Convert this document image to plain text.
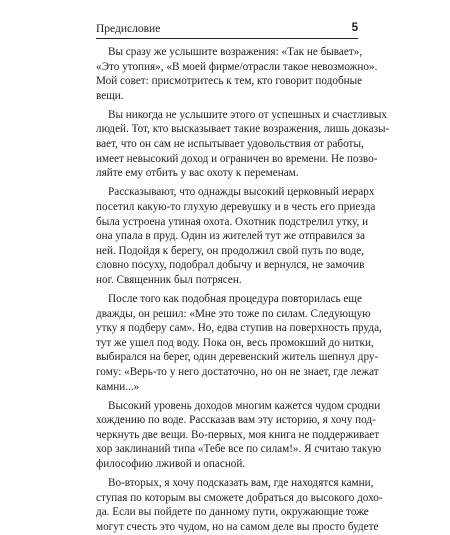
Предисловие	5
Вы сразу же услышите возражения: «Так не бывает»,
«Это утопия», «В моей фирме/отрасли такое невозможно».
Мой совет: присмотритесь к тем, кто говорит подобные
вещи.
Вы никогда не услышите этого от успешных и счастливых
людей. Тот, кто высказывает такие возражения, лишь доказы-
вает, что он сам не испытывает удовольствия от работы,
имеет невысокий доход и ограничен во времени. Не позво-
ляйте ему отбить у вас охоту к переменам.
Рассказывают, что однажды высокий церковный иерарх
посетил какую-то глухую деревушку и в честь его приезда
была устроена утиная охота. Охотник подстрелил утку, и
она упала в пруд. Один из жителей тут же отправился за
ней. Подойдя к берегу, он продолжил свой путь по воде,
словно посуху, подобрал добычу и вернулся, не замочив
ног. Священник был потрясен.
После того как подобная процедура повторилась еще
дважды, он решил: «Мне это тоже по силам. Следующую
утку я подберу сам». Но, едва ступив на поверхность пруда,
тут же ушел под воду. Пока он, весь промокший до нитки,
выбирался на берег, один деревенский житель шепнул дру-
гому: «Верь-то у него достаточно, но он не знает, где лежат
камни...»
Высокий уровень доходов многим кажется чудом сродни
хождению по воде. Рассказав вам эту историю, я хочу под-
черкнуть две вещи. Во-первых, моя книга не поддерживает
хор заклинаний типа «Тебе все по силам!». Я считаю такую
философию лживой и опасной.
Во-вторых, я хочу подсказать вам, где находятся камни,
ступая по которым вы сможете добраться до высокого дохо-
да. Если вы пойдете по данному пути, окружающие тоже
могут счесть это чудом, но на самом деле вы просто будете
